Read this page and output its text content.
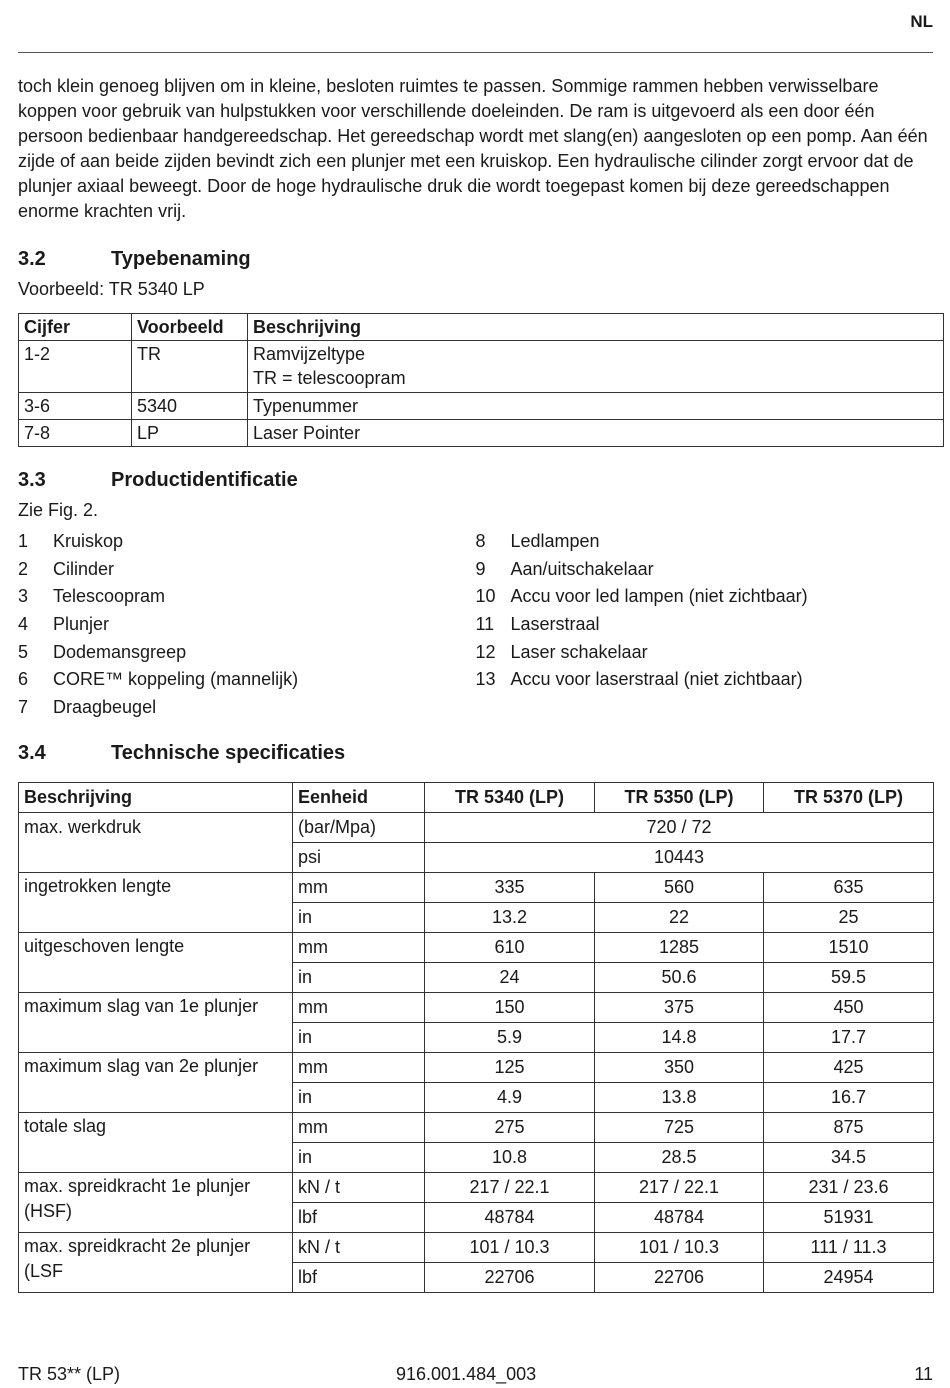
NL

toch klein genoeg blijven om in kleine, besloten ruimtes te passen. Sommige rammen hebben verwisselbare koppen voor gebruik van hulpstukken voor verschillende doeleinden. De ram is uitgevoerd als een door één persoon bedienbaar handgereedschap. Het gereedschap wordt met slang(en) aangesloten op een pomp. Aan één zijde of aan beide zijden bevindt zich een plunjer met een kruiskop. Een hydraulische cilinder zorgt ervoor dat de plunjer axiaal beweegt. Door de hoge hydraulische druk die wordt toegepast komen bij deze gereedschappen enorme krachten vrij.

3.2	Typebenaming

Voorbeeld: TR 5340 LP

Cijfer	Voorbeeld	Beschrijving
1-2	TR	Ramvijzeltype
TR = telescoopram

3-6	5340	Typenummer
7-8	LP	Laser Pointer
3.3	Productidentificatie

Zie Fig. 2.

1	Kruiskop
2	Cilinder
3	Telescoopram
4	Plunjer
5	Dodemansgreep
6	CORE™ koppeling (mannelijk)
7	Draagbeugel
8	Ledlampen
9	Aan/uitschakelaar
10 Accu voor led lampen (niet zichtbaar)
11 Laserstraal
12 Laser schakelaar
13 Accu voor laserstraal (niet zichtbaar)
3.4	Technische specificaties
Beschrijving	Eenheid	TR 5340 (LP)	TR 5350 (LP)	TR 5370 (LP)
max. werkdruk	(bar/Mpa)	720 / 72		
	psi	10443		
ingetrokken lengte	mm	335	560	635
	in	13.2	22	25
uitgeschoven lengte	mm	610	1285	1510
	in	24	50.6	59.5
maximum slag van 1e plunjer	mm	150	375	450
	in	5.9	14.8	17.7
maximum slag van 2e plunjer	mm	125	350	425
	in	4.9	13.8	16.7
totale slag	mm	275	725	875
	in	10.8	28.5	34.5
max. spreidkracht 1e plunjer (HSF)	kN / t	217 / 22.1	217 / 22.1	231 / 23.6
	lbf	48784	48784	51931
max. spreidkracht 2e plunjer (LSF	kN / t	101 / 10.3	101 / 10.3	111 / 11.3
	lbf	22706	22706	24954
TR 53** (LP)	916.001.484_003	11
